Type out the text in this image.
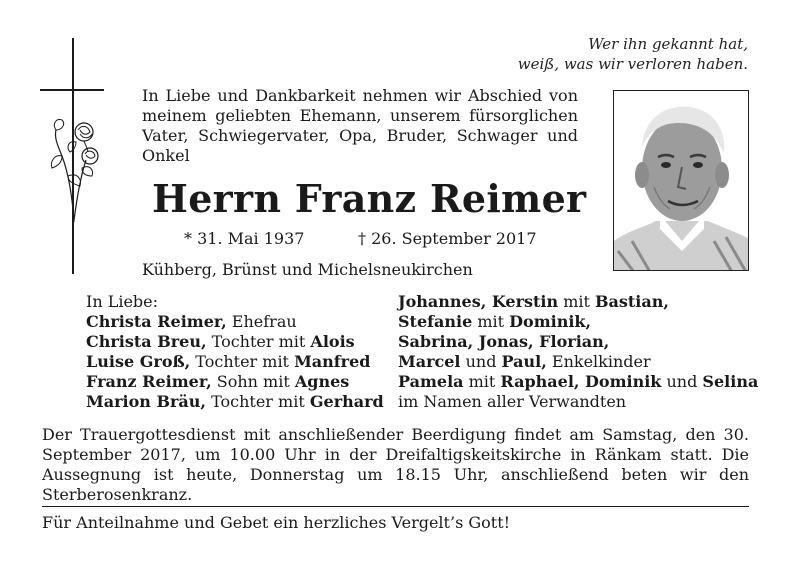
Wer ihn gekannt hat,
weiß, was wir verloren haben.
In Liebe und Dankbarkeit nehmen wir Abschied von meinem geliebten Ehemann, unserem fürsorglichen Vater, Schwiegervater, Opa, Bruder, Schwager und Onkel
Herrn Franz Reimer
* 31. Mai 1937	† 26. September 2017
Kühberg, Brünst und Michelsneukirchen
In Liebe:
Christa Reimer, Ehefrau
Christa Breu, Tochter mit Alois
Luise Groß, Tochter mit Manfred
Franz Reimer, Sohn mit Agnes
Marion Bräu, Tochter mit Gerhard
Johannes, Kerstin mit Bastian,
Stefanie mit Dominik,
Sabrina, Jonas, Florian,
Marcel und Paul, Enkelkinder
Pamela mit Raphael, Dominik und Selina
im Namen aller Verwandten
Der Trauergottesdienst mit anschließender Beerdigung findet am Samstag, den 30. September 2017, um 10.00 Uhr in der Dreifaltigskeitskirche in Ränkam statt. Die Aussegnung ist heute, Donnerstag um 18.15 Uhr, anschließend beten wir den Sterberosenkranz.
Für Anteilnahme und Gebet ein herzliches Vergelt’s Gott!
